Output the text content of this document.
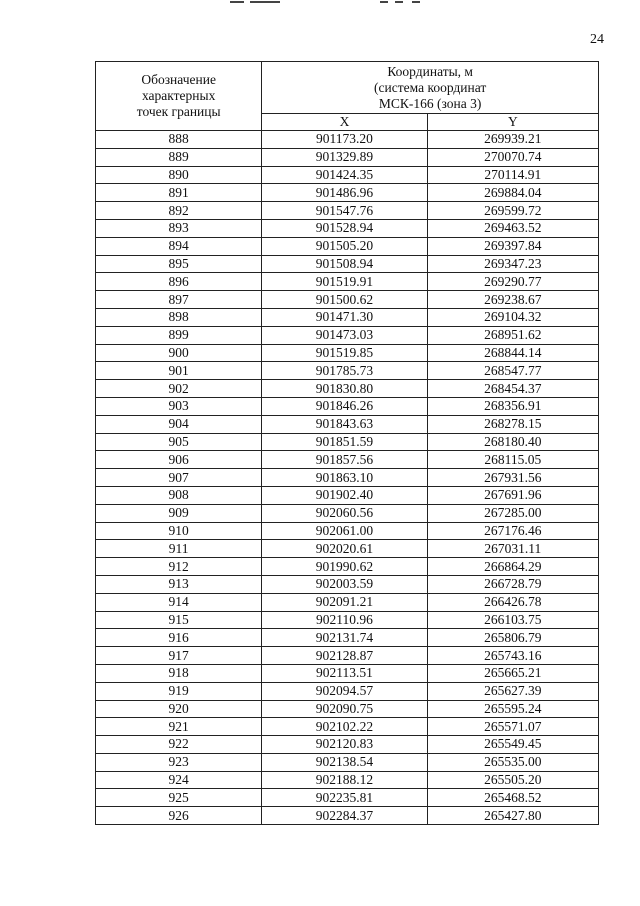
24
Обозначение
характерных
точек границы	Координаты, м
(система координат
МСК-166 (зона 3)	
	X	Y
888	901173.20	269939.21
889	901329.89	270070.74
890	901424.35	270114.91
891	901486.96	269884.04
892	901547.76	269599.72
893	901528.94	269463.52
894	901505.20	269397.84
895	901508.94	269347.23
896	901519.91	269290.77
897	901500.62	269238.67
898	901471.30	269104.32
899	901473.03	268951.62
900	901519.85	268844.14
901	901785.73	268547.77
902	901830.80	268454.37
903	901846.26	268356.91
904	901843.63	268278.15
905	901851.59	268180.40
906	901857.56	268115.05
907	901863.10	267931.56
908	901902.40	267691.96
909	902060.56	267285.00
910	902061.00	267176.46
911	902020.61	267031.11
912	901990.62	266864.29
913	902003.59	266728.79
914	902091.21	266426.78
915	902110.96	266103.75
916	902131.74	265806.79
917	902128.87	265743.16
918	902113.51	265665.21
919	902094.57	265627.39
920	902090.75	265595.24
921	902102.22	265571.07
922	902120.83	265549.45
923	902138.54	265535.00
924	902188.12	265505.20
925	902235.81	265468.52
926	902284.37	265427.80
